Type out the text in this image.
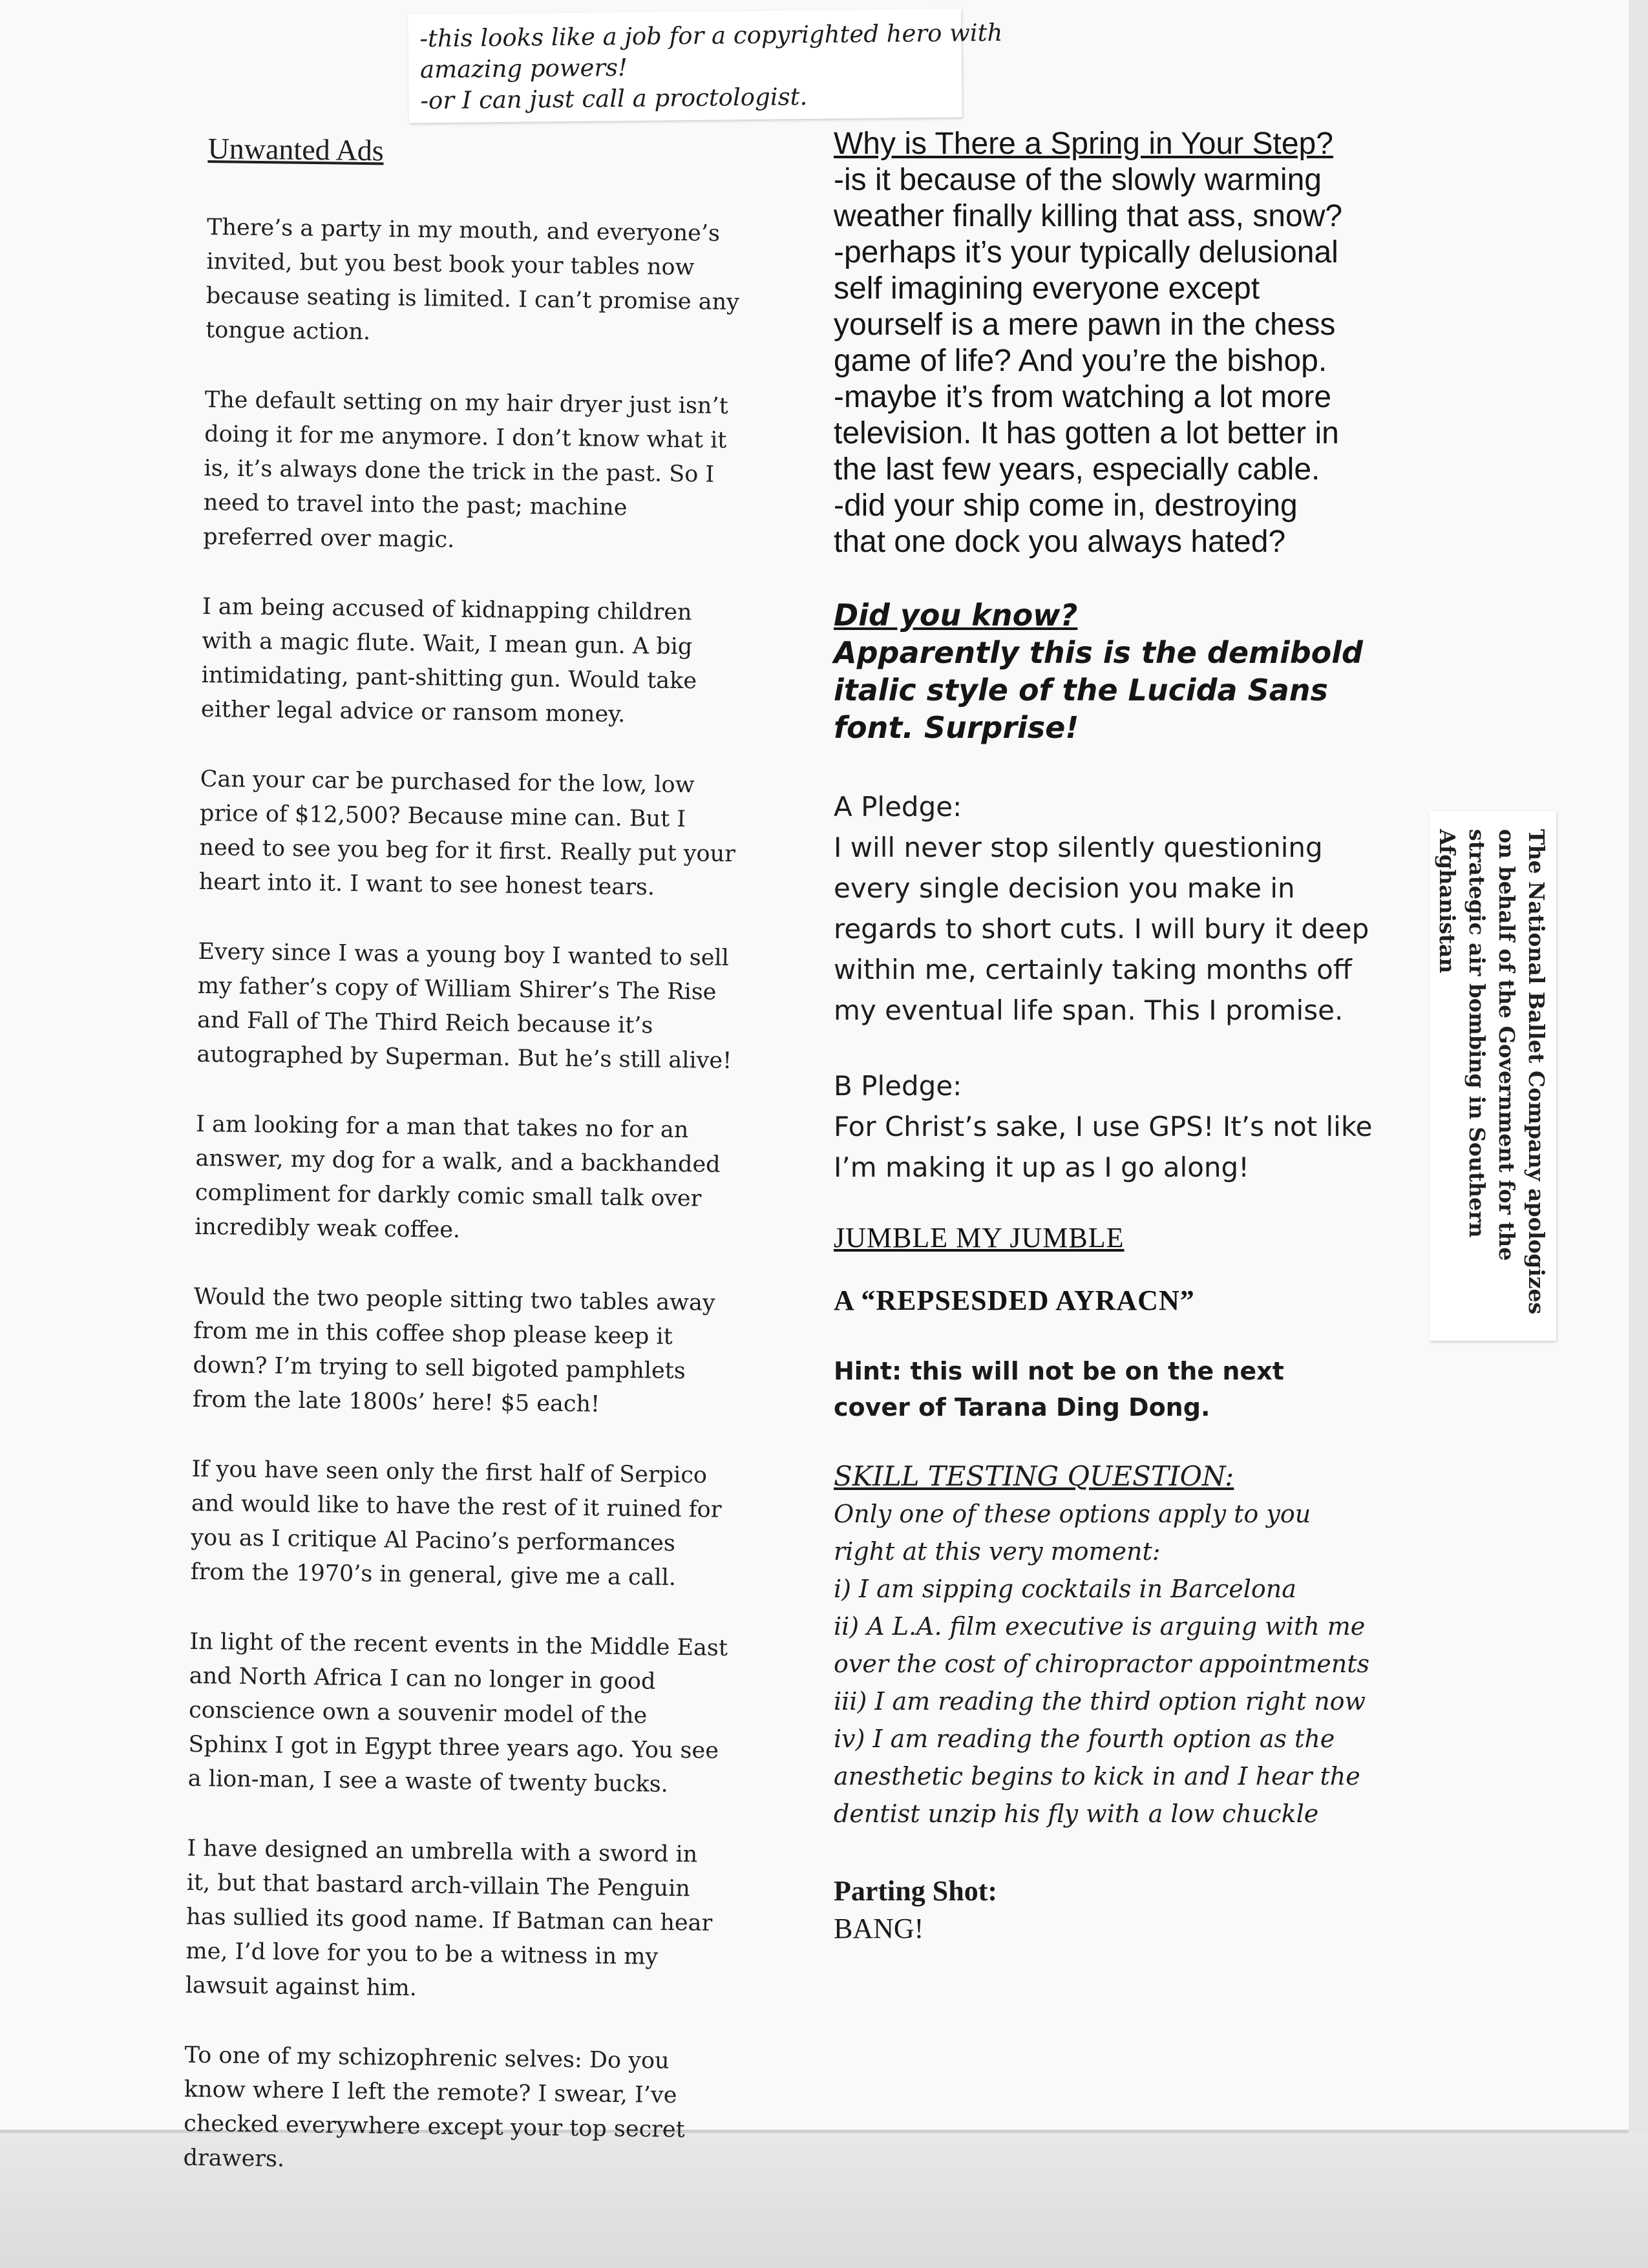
-this looks like a job for a copyrighted hero with
amazing powers!
-or I can just call a proctologist.
Unwanted Ads
There’s a party in my mouth, and everyone’s
invited, but you best book your tables now
because seating is limited. I can’t promise any
tongue action.
The default setting on my hair dryer just isn’t
doing it for me anymore. I don’t know what it
is, it’s always done the trick in the past. So I
need to travel into the past; machine
preferred over magic.
I am being accused of kidnapping children
with a magic flute. Wait, I mean gun. A big
intimidating, pant-shitting gun. Would take
either legal advice or ransom money.
Can your car be purchased for the low, low
price of $12,500? Because mine can. But I
need to see you beg for it first. Really put your
heart into it. I want to see honest tears.
Every since I was a young boy I wanted to sell
my father’s copy of William Shirer’s The Rise
and Fall of The Third Reich because it’s
autographed by Superman. But he’s still alive!
I am looking for a man that takes no for an
answer, my dog for a walk, and a backhanded
compliment for darkly comic small talk over
incredibly weak coffee.
Would the two people sitting two tables away
from me in this coffee shop please keep it
down? I’m trying to sell bigoted pamphlets
from the late 1800s’ here! $5 each!
If you have seen only the first half of Serpico
and would like to have the rest of it ruined for
you as I critique Al Pacino’s performances
from the 1970’s in general, give me a call.
In light of the recent events in the Middle East
and North Africa I can no longer in good
conscience own a souvenir model of the
Sphinx I got in Egypt three years ago. You see
a lion-man, I see a waste of twenty bucks.
I have designed an umbrella with a sword in
it, but that bastard arch-villain The Penguin
has sullied its good name. If Batman can hear
me, I’d love for you to be a witness in my
lawsuit against him.
To one of my schizophrenic selves: Do you
know where I left the remote? I swear, I’ve
checked everywhere except your top secret
drawers.
Why is There a Spring in Your Step?
-is it because of the slowly warming
weather finally killing that ass, snow?
-perhaps it’s your typically delusional
self imagining everyone except
yourself is a mere pawn in the chess
game of life? And you’re the bishop.
-maybe it’s from watching a lot more
television. It has gotten a lot better in
the last few years, especially cable.
-did your ship come in, destroying
that one dock you always hated?
Did you know?
Apparently this is the demibold
italic style of the Lucida Sans
font. Surprise!
A Pledge:
I will never stop silently questioning
every single decision you make in
regards to short cuts. I will bury it deep
within me, certainly taking months off
my eventual life span. This I promise.
B Pledge:
For Christ’s sake, I use GPS! It’s not like
I’m making it up as I go along!
JUMBLE MY JUMBLE
A “REPSESDED AYRACN”
Hint: this will not be on the next
cover of Tarana Ding Dong.
SKILL TESTING QUESTION:
Only one of these options apply to you
right at this very moment:
i) I am sipping cocktails in Barcelona
ii) A L.A. film executive is arguing with me
over the cost of chiropractor appointments
iii) I am reading the third option right now
iv) I am reading the fourth option as the
anesthetic begins to kick in and I hear the
dentist unzip his fly with a low chuckle
Parting Shot:
BANG!
The National Ballet Company apologizes
on behalf of the Government for the
strategic air bombing in Southern
Afghanistan
